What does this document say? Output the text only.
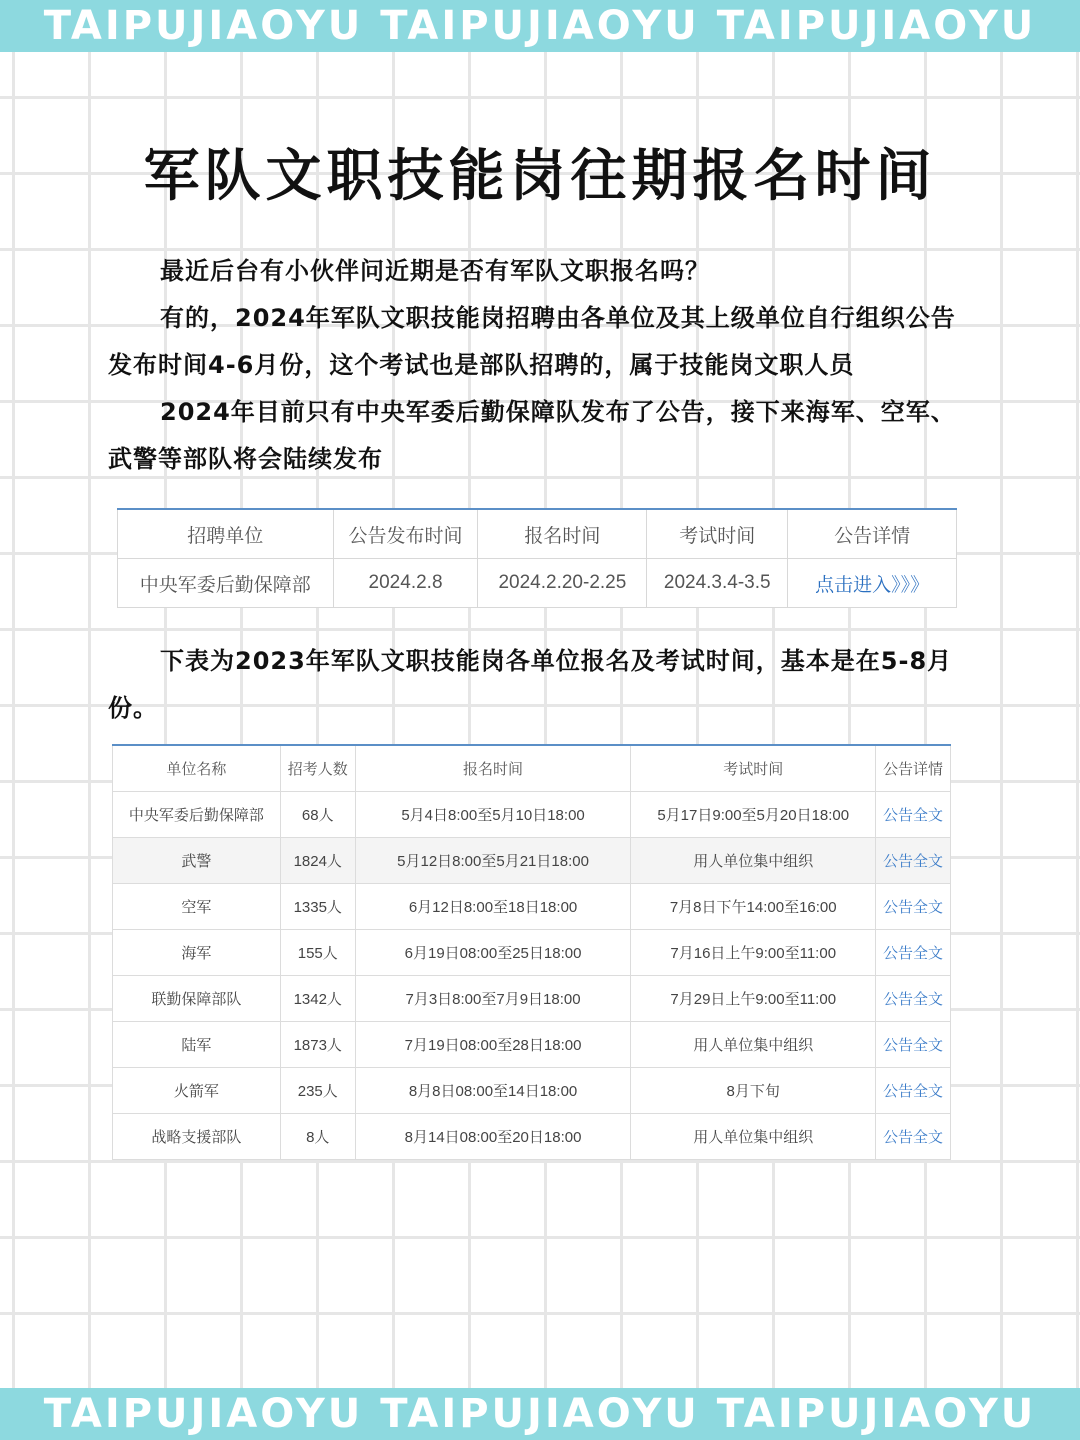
TAIPUJIAOYU TAIPUJIAOYU TAIPUJIAOYU
军队文职技能岗往期报名时间

最近后台有小伙伴问近期是否有军队文职报名吗？

有的，2024年军队文职技能岗招聘由各单位及其上级单位自行组织公告发布时间4-6月份，这个考试也是部队招聘的，属于技能岗文职人员

2024年目前只有中央军委后勤保障队发布了公告，接下来海军、空军、武警等部队将会陆续发布

招聘单位	公告发布时间	报名时间	考试时间	公告详情
中央军委后勤保障部	2024.2.8	2024.2.20-2.25	2024.3.4-3.5	点击进入》》》

下表为2023年军队文职技能岗各单位报名及考试时间，基本是在5-8月份。

单位名称	招考人数	报名时间	考试时间	公告详情
中央军委后勤保障部	68人	5月4日8:00至5月10日18:00	5月17日9:00至5月20日18:00	公告全文
武警	1824人	5月12日8:00至5月21日18:00	用人单位集中组织	公告全文
空军	1335人	6月12日8:00至18日18:00	7月8日下午14:00至16:00	公告全文
海军	155人	6月19日08:00至25日18:00	7月16日上午9:00至11:00	公告全文
联勤保障部队	1342人	7月3日8:00至7月9日18:00	7月29日上午9:00至11:00	公告全文
陆军	1873人	7月19日08:00至28日18:00	用人单位集中组织	公告全文
火箭军	235人	8月8日08:00至14日18:00	8月下旬	公告全文
战略支援部队	8人	8月14日08:00至20日18:00	用人单位集中组织	公告全文
TAIPUJIAOYU TAIPUJIAOYU TAIPUJIAOYU
